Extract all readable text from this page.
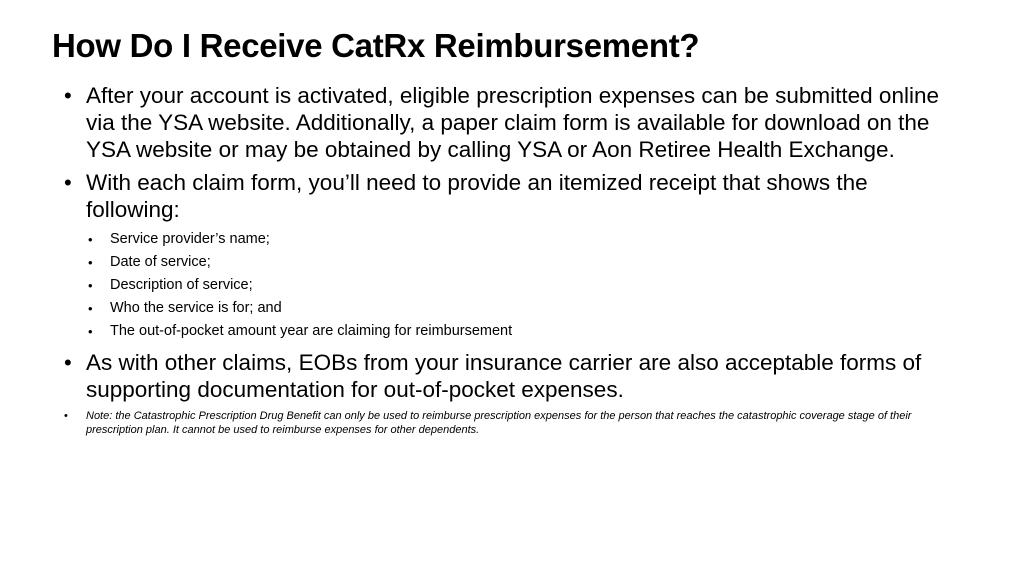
How Do I Receive CatRx Reimbursement?
• After your account is activated, eligible prescription expenses can be submitted online via the YSA website. Additionally, a paper claim form is available for download on the YSA website or may be obtained by calling YSA or Aon Retiree Health Exchange.
• With each claim form, you’ll need to provide an itemized receipt that shows the following:
• Service provider’s name;
• Date of service;
• Description of service;
• Who the service is for; and
• The out-of-pocket amount year are claiming for reimbursement
• As with other claims, EOBs from your insurance carrier are also acceptable forms of supporting documentation for out-of-pocket expenses.
• Note: the Catastrophic Prescription Drug Benefit can only be used to reimburse prescription expenses for the person that reaches the catastrophic coverage stage of their prescription plan. It cannot be used to reimburse expenses for other dependents.
